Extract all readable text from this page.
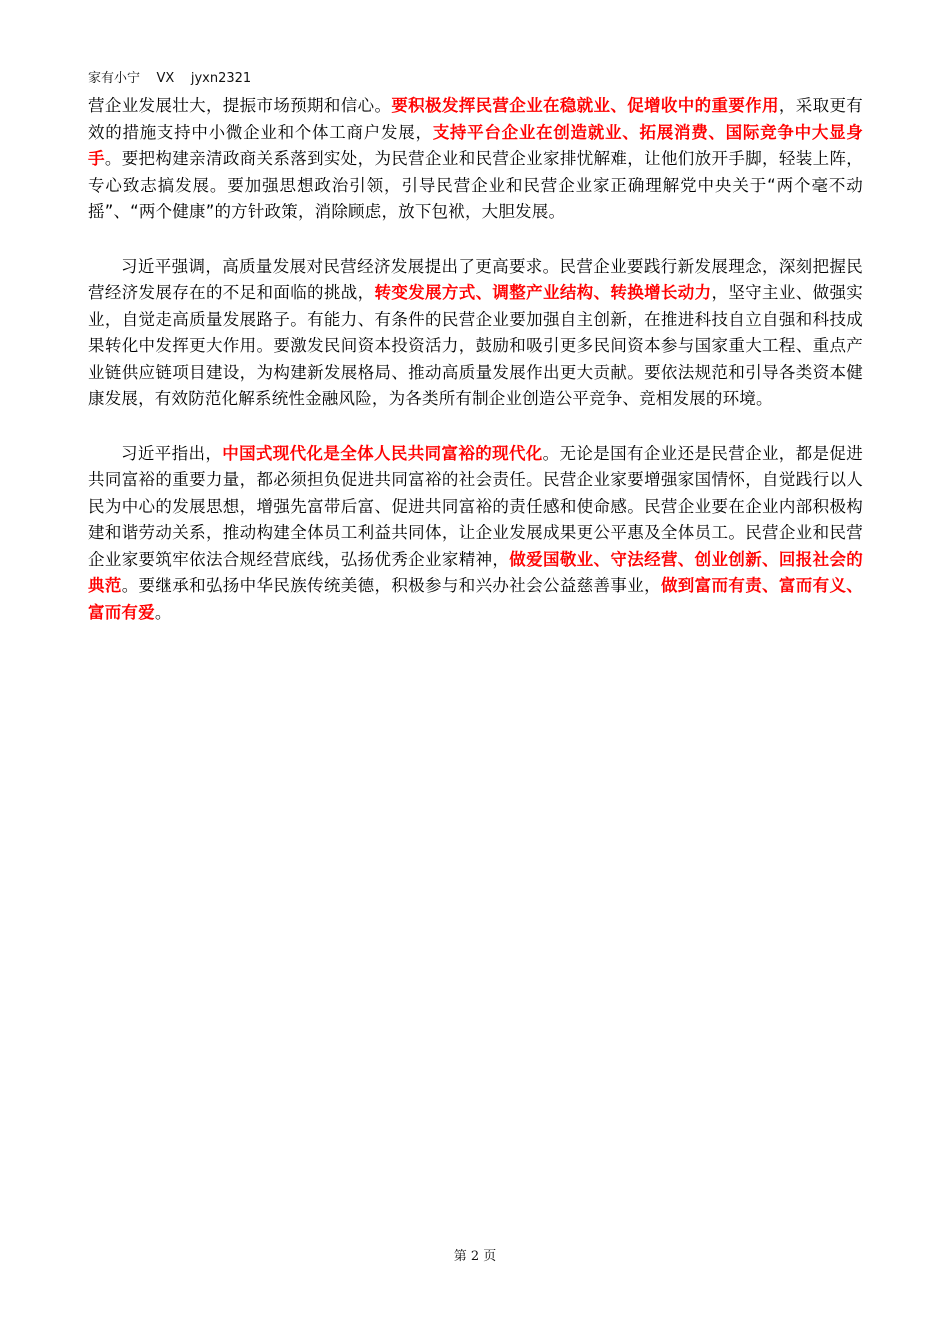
家有小宁    VX    jyxn2321

营企业发展壮大，提振市场预期和信心。要积极发挥民营企业在稳就业、促增收中的重要作用，采取更有效的措施支持中小微企业和个体工商户发展，支持平台企业在创造就业、拓展消费、国际竞争中大显身手。要把构建亲清政商关系落到实处，为民营企业和民营企业家排忧解难，让他们放开手脚，轻装上阵，专心致志搞发展。要加强思想政治引领，引导民营企业和民营企业家正确理解党中央关于“两个毫不动摇”、“两个健康”的方针政策，消除顾虑，放下包袱，大胆发展。

习近平强调，高质量发展对民营经济发展提出了更高要求。民营企业要践行新发展理念，深刻把握民营经济发展存在的不足和面临的挑战，转变发展方式、调整产业结构、转换增长动力，坚守主业、做强实业，自觉走高质量发展路子。有能力、有条件的民营企业要加强自主创新，在推进科技自立自强和科技成果转化中发挥更大作用。要激发民间资本投资活力，鼓励和吸引更多民间资本参与国家重大工程、重点产业链供应链项目建设，为构建新发展格局、推动高质量发展作出更大贡献。要依法规范和引导各类资本健康发展，有效防范化解系统性金融风险，为各类所有制企业创造公平竞争、竞相发展的环境。

习近平指出，中国式现代化是全体人民共同富裕的现代化。无论是国有企业还是民营企业，都是促进共同富裕的重要力量，都必须担负促进共同富裕的社会责任。民营企业家要增强家国情怀，自觉践行以人民为中心的发展思想，增强先富带后富、促进共同富裕的责任感和使命感。民营企业要在企业内部积极构建和谐劳动关系，推动构建全体员工利益共同体，让企业发展成果更公平惠及全体员工。民营企业和民营企业家要筑牢依法合规经营底线，弘扬优秀企业家精神，做爱国敬业、守法经营、创业创新、回报社会的典范。要继承和弘扬中华民族传统美德，积极参与和兴办社会公益慈善事业，做到富而有责、富而有义、富而有爱。

第 2 页
